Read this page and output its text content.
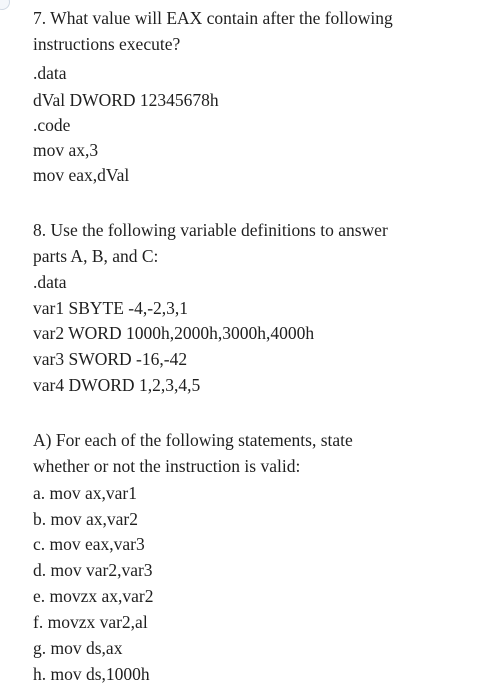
7. What value will EAX contain after the following
instructions execute?
.data
dVal DWORD 12345678h
.code
mov ax,3
mov eax,dVal
8. Use the following variable definitions to answer
parts A, B, and C:
.data
var1 SBYTE -4,-2,3,1
var2 WORD 1000h,2000h,3000h,4000h
var3 SWORD -16,-42
var4 DWORD 1,2,3,4,5
A) For each of the following statements, state
whether or not the instruction is valid:
a. mov ax,var1
b. mov ax,var2
c. mov eax,var3
d. mov var2,var3
e. movzx ax,var2
f. movzx var2,al
g. mov ds,ax
h. mov ds,1000h
